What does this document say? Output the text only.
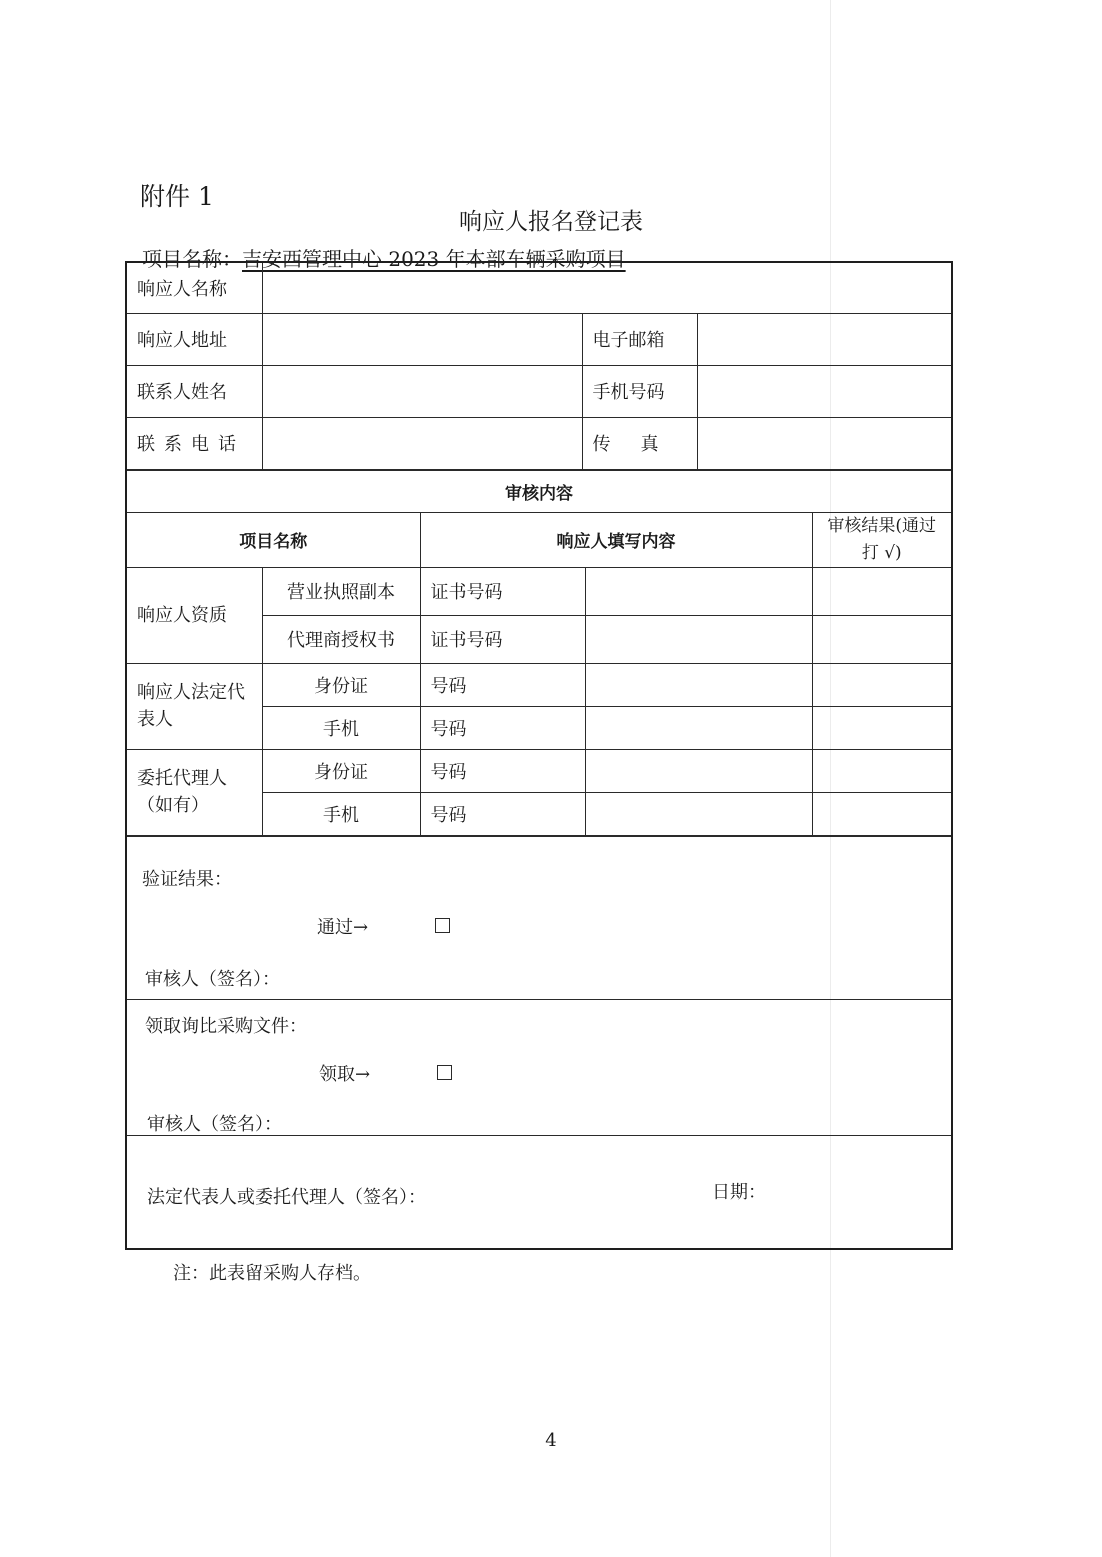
附件 1
响应人报名登记表
项目名称：吉安西管理中心 2023 年本部车辆采购项目
响应人名称			
响应人地址		电子邮箱	
联系人姓名		手机号码	
联系电话		传真	
审核内容				
项目名称		响应人填写内容		审核结果(通过打 √)
响应人资质	营业执照副本	证书号码		
	代理商授权书	证书号码		
响应人法定代表人	身份证	号码		
	手机	号码		
委托代理人（如有）	身份证	号码		
	手机	号码		
验证结果：
通过→
审核人（签名）：
领取询比采购文件：
领取→
审核人（签名）：
法定代表人或委托代理人（签名）：	日期：
注：此表留采购人存档。
4
